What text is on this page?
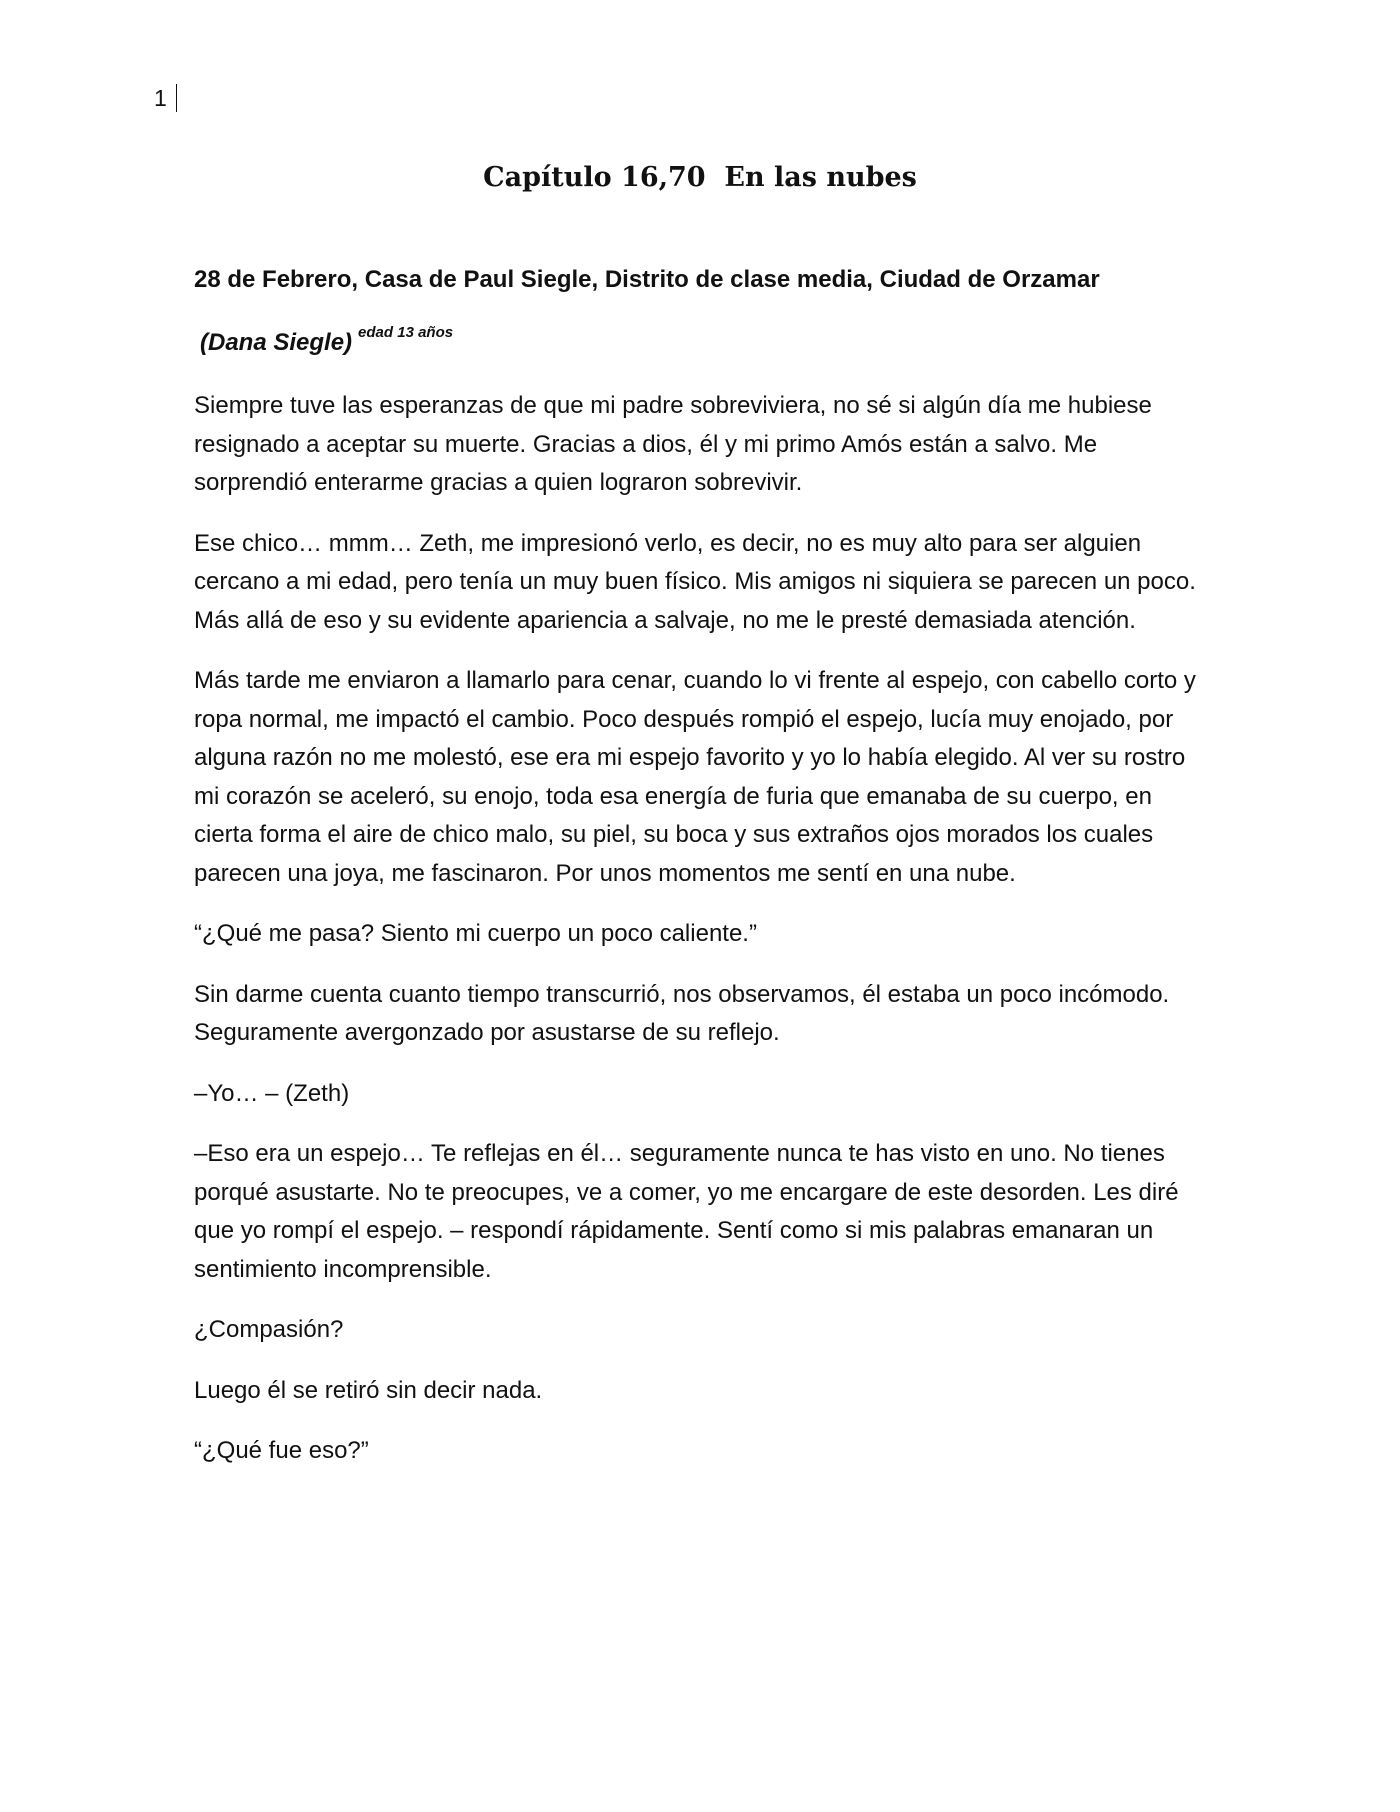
1
Capítulo 16,70  En las nubes

28 de Febrero, Casa de Paul Siegle, Distrito de clase media, Ciudad de Orzamar

(Dana Siegle) $^{edad 13 años}$

Siempre tuve las esperanzas de que mi padre sobreviviera, no sé si algún día me hubiese resignado a aceptar su muerte. Gracias a dios, él y mi primo Amós están a salvo. Me sorprendió enterarme gracias a quien lograron sobrevivir.

Ese chico… mmm… Zeth, me impresionó verlo, es decir, no es muy alto para ser alguien cercano a mi edad, pero tenía un muy buen físico. Mis amigos ni siquiera se parecen un poco. Más allá de eso y su evidente apariencia a salvaje, no me le presté demasiada atención.

Más tarde me enviaron a llamarlo para cenar, cuando lo vi frente al espejo, con cabello corto y ropa normal, me impactó el cambio. Poco después rompió el espejo, lucía muy enojado, por alguna razón no me molestó, ese era mi espejo favorito y yo lo había elegido. Al ver su rostro mi corazón se aceleró, su enojo, toda esa energía de furia que emanaba de su cuerpo, en cierta forma el aire de chico malo, su piel, su boca y sus extraños ojos morados los cuales parecen una joya, me fascinaron. Por unos momentos me sentí en una nube.

“¿Qué me pasa? Siento mi cuerpo un poco caliente.”

Sin darme cuenta cuanto tiempo transcurrió, nos observamos, él estaba un poco incómodo. Seguramente avergonzado por asustarse de su reflejo.

–Yo… – (Zeth)

–Eso era un espejo… Te reflejas en él… seguramente nunca te has visto en uno. No tienes porqué asustarte. No te preocupes, ve a comer, yo me encargare de este desorden. Les diré que yo rompí el espejo. – respondí rápidamente. Sentí como si mis palabras emanaran un sentimiento incomprensible.

¿Compasión?

Luego él se retiró sin decir nada.

“¿Qué fue eso?”
